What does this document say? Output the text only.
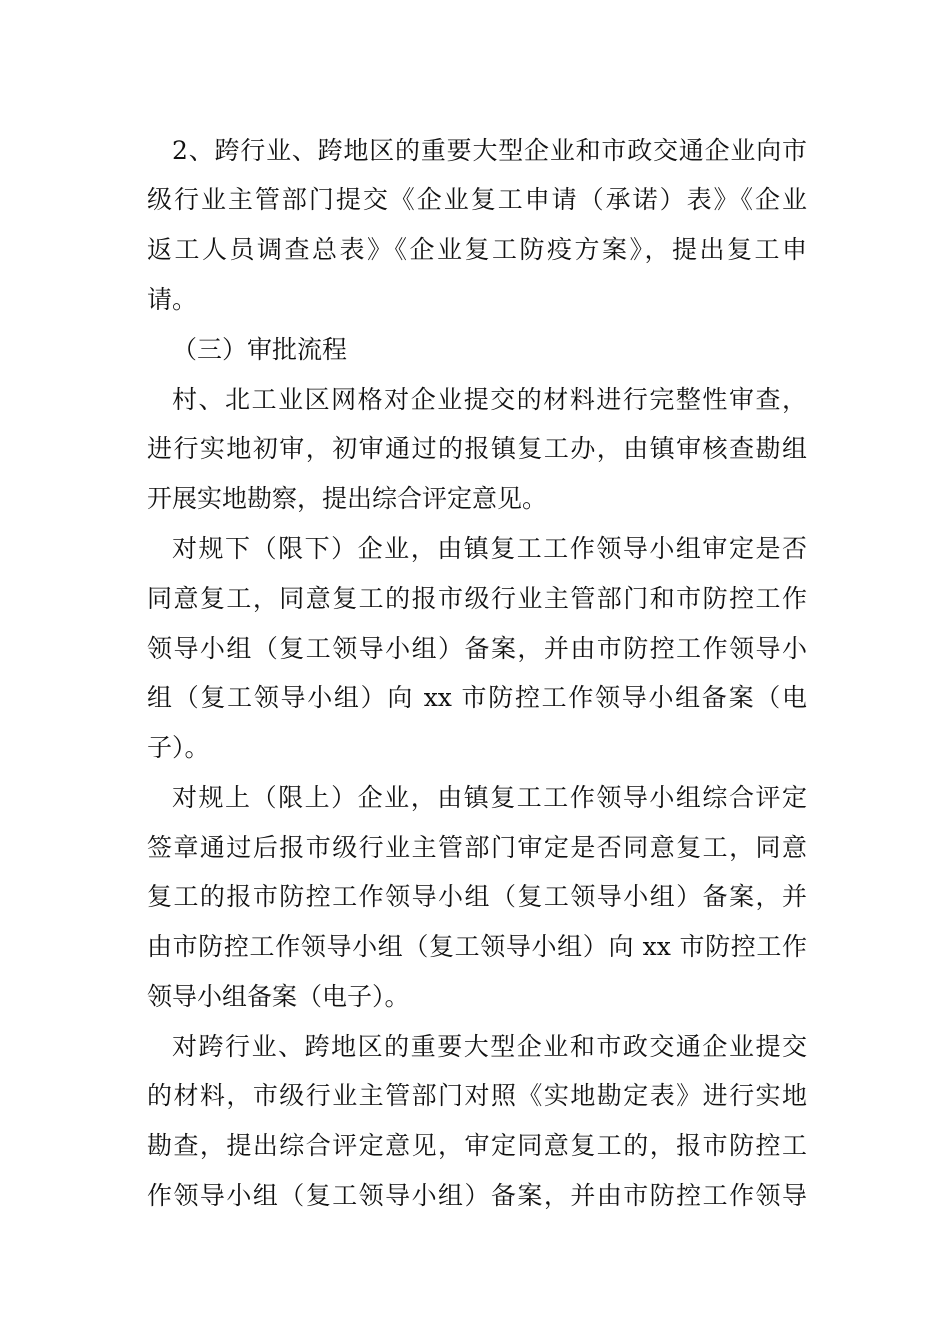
2、跨行业、跨地区的重要大型企业和市政交通企业向市
级行业主管部门提交《企业复工申请（承诺）表》《企业
返工人员调查总表》《企业复工防疫方案》，提出复工申
请。
（三）审批流程
村、北工业区网格对企业提交的材料进行完整性审查，
进行实地初审，初审通过的报镇复工办，由镇审核查勘组
开展实地勘察，提出综合评定意见。
对规下（限下）企业，由镇复工工作领导小组审定是否
同意复工，同意复工的报市级行业主管部门和市防控工作
领导小组（复工领导小组）备案，并由市防控工作领导小
组（复工领导小组）向 xx 市防控工作领导小组备案（电
子）。
对规上（限上）企业，由镇复工工作领导小组综合评定
签章通过后报市级行业主管部门审定是否同意复工，同意
复工的报市防控工作领导小组（复工领导小组）备案，并
由市防控工作领导小组（复工领导小组）向 xx 市防控工作
领导小组备案（电子）。
对跨行业、跨地区的重要大型企业和市政交通企业提交
的材料，市级行业主管部门对照《实地勘定表》进行实地
勘查，提出综合评定意见，审定同意复工的，报市防控工
作领导小组（复工领导小组）备案，并由市防控工作领导
